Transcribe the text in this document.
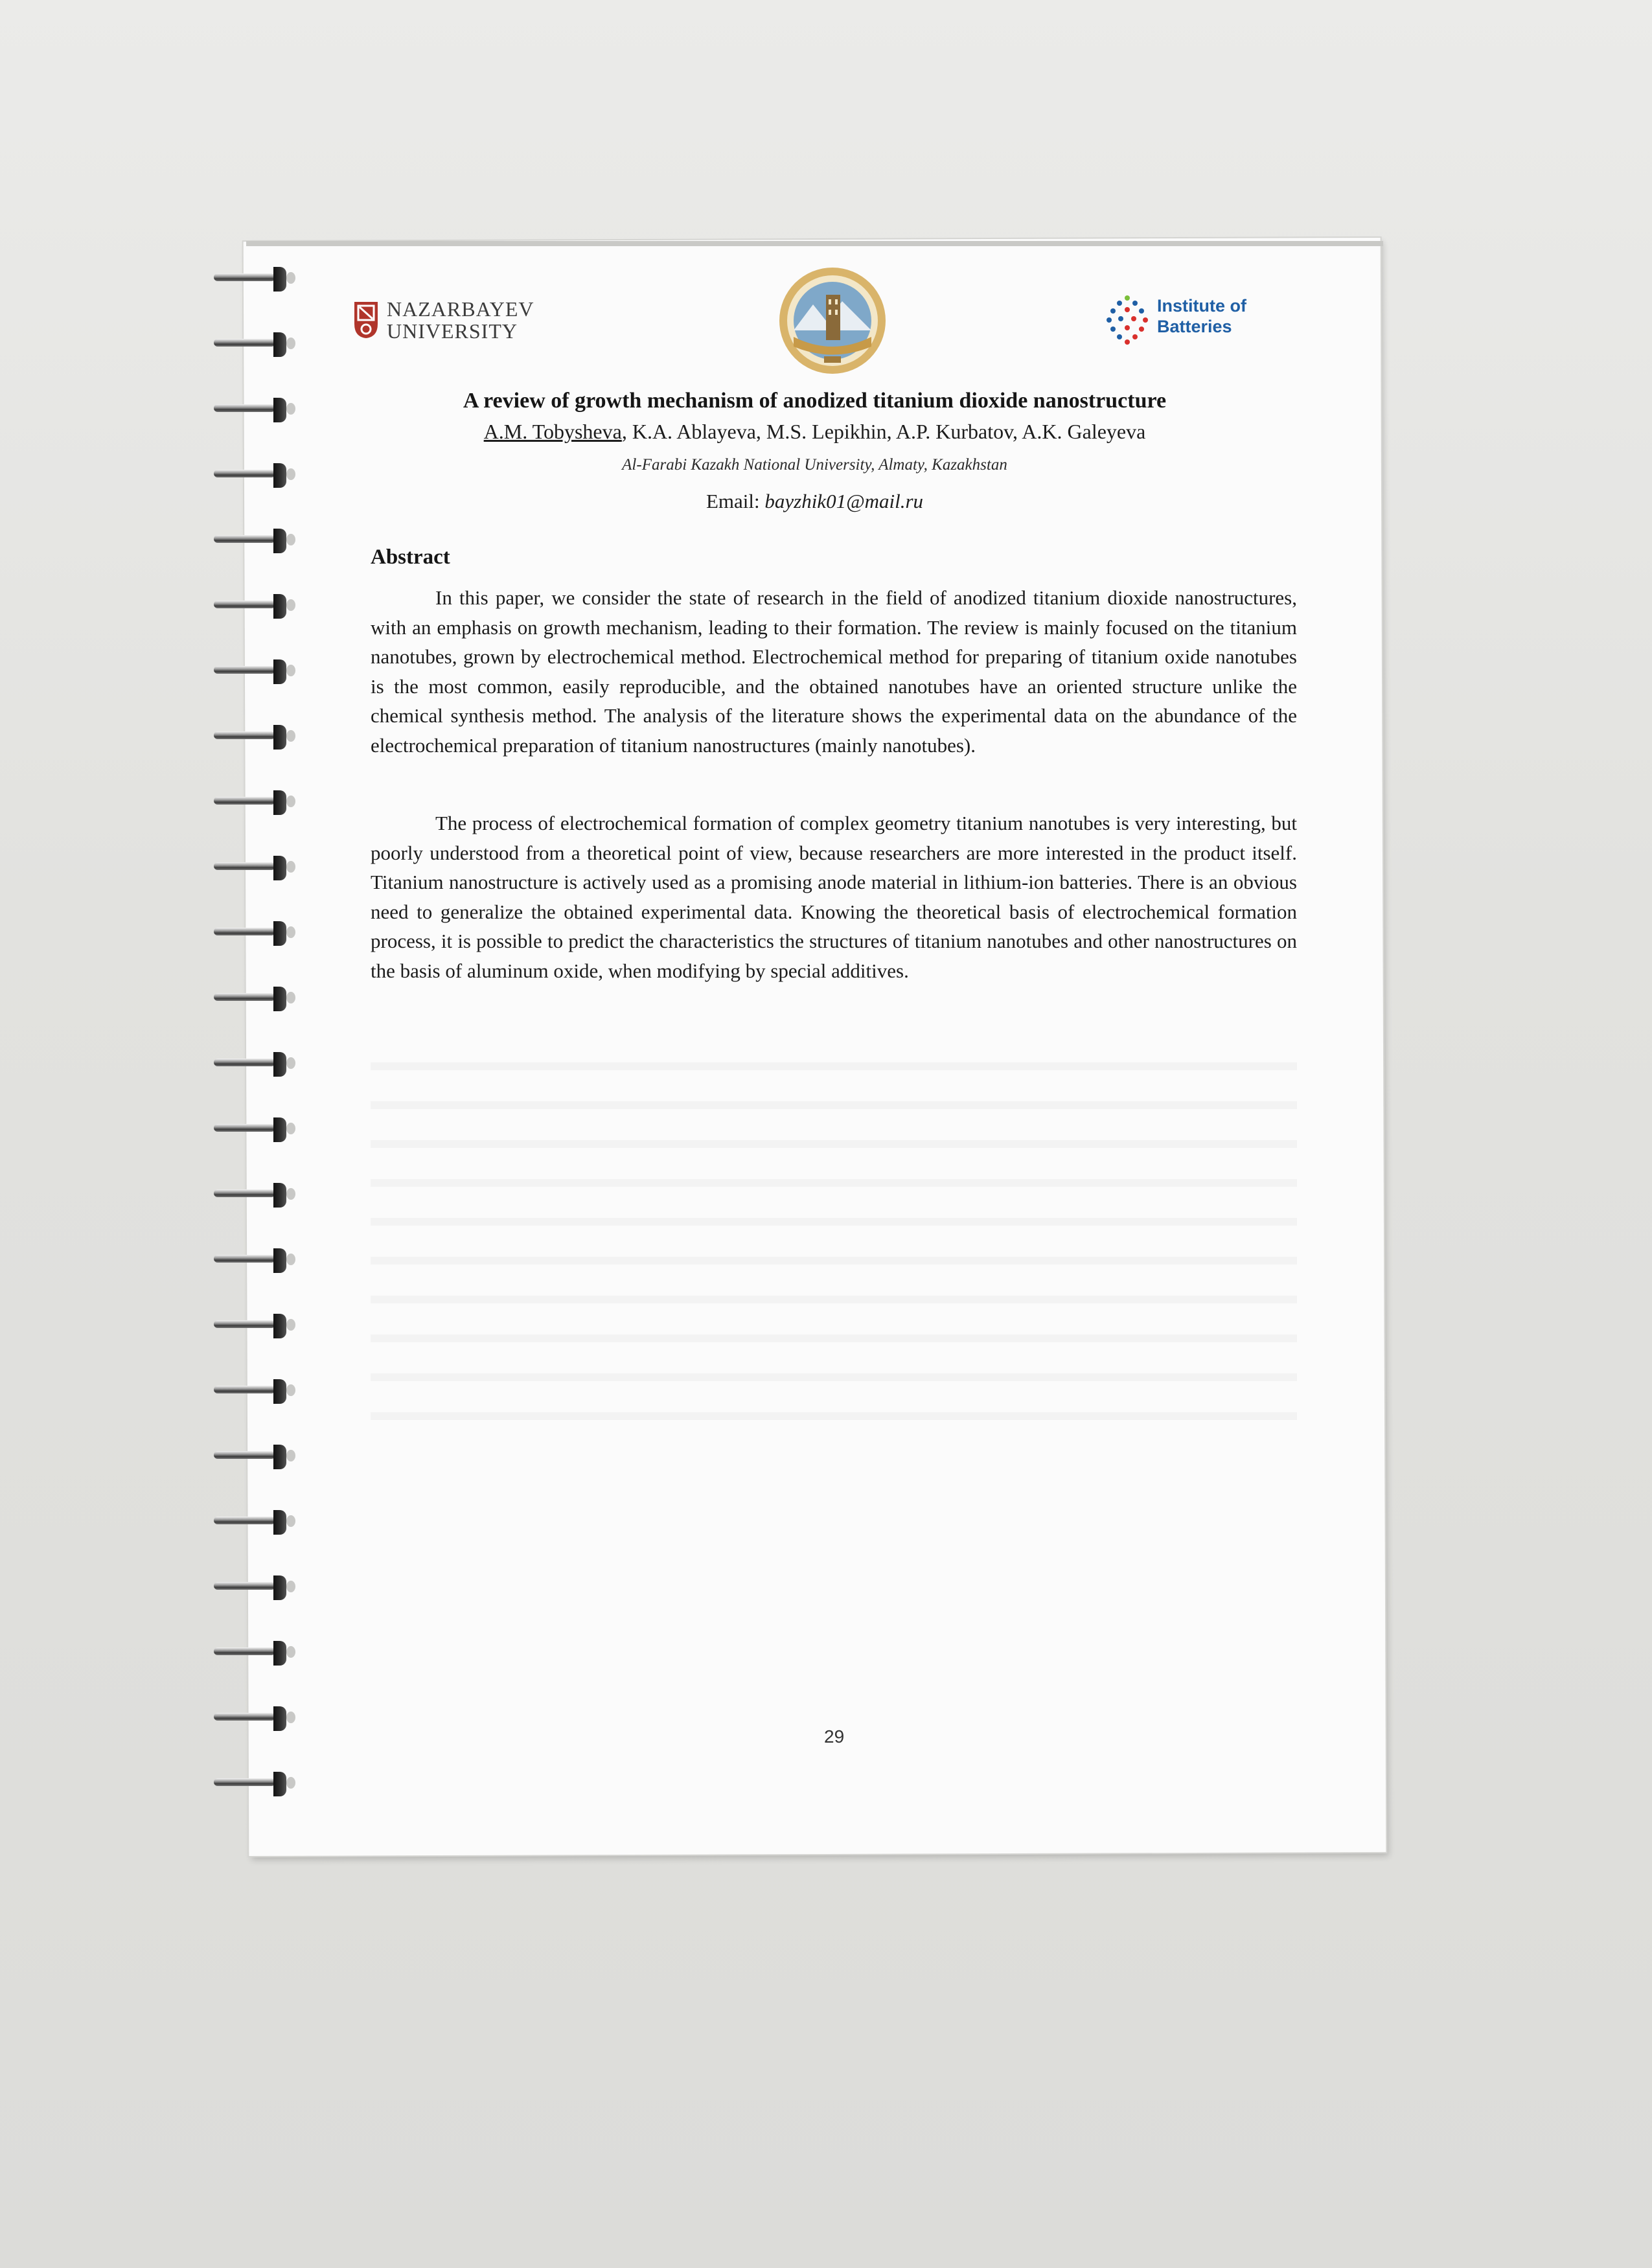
NAZARBAYEV
UNIVERSITY
Institute of
Batteries
A review of growth mechanism of anodized titanium dioxide nanostructure
A.M. Tobysheva, K.A. Ablayeva, M.S. Lepikhin, A.P. Kurbatov, A.K. Galeyeva
Al-Farabi Kazakh National University, Almaty, Kazakhstan
Email: bayzhik01@mail.ru
Abstract

In this paper, we consider the state of research in the field of anodized titanium dioxide nanostructures, with an emphasis on growth mechanism, leading to their formation. The review is mainly focused on the titanium nanotubes, grown by electrochemical method. Electrochemical method for preparing of titanium oxide nanotubes is the most common, easily reproducible, and the obtained nanotubes have an oriented structure unlike the chemical synthesis method. The analysis of the literature shows the experimental data on the abundance of the electrochemical preparation of titanium nanostructures (mainly nanotubes).

The process of electrochemical formation of complex geometry titanium nanotubes is very interesting, but poorly understood from a theoretical point of view, because researchers are more interested in the product itself. Titanium nanostructure is actively used as a promising anode material in lithium-ion batteries. There is an obvious need to generalize the obtained experimental data. Knowing the theoretical basis of electrochemical formation process, it is possible to predict the characteristics the structures of titanium nanotubes and other nanostructures on the basis of aluminum oxide, when modifying by special additives.

29
